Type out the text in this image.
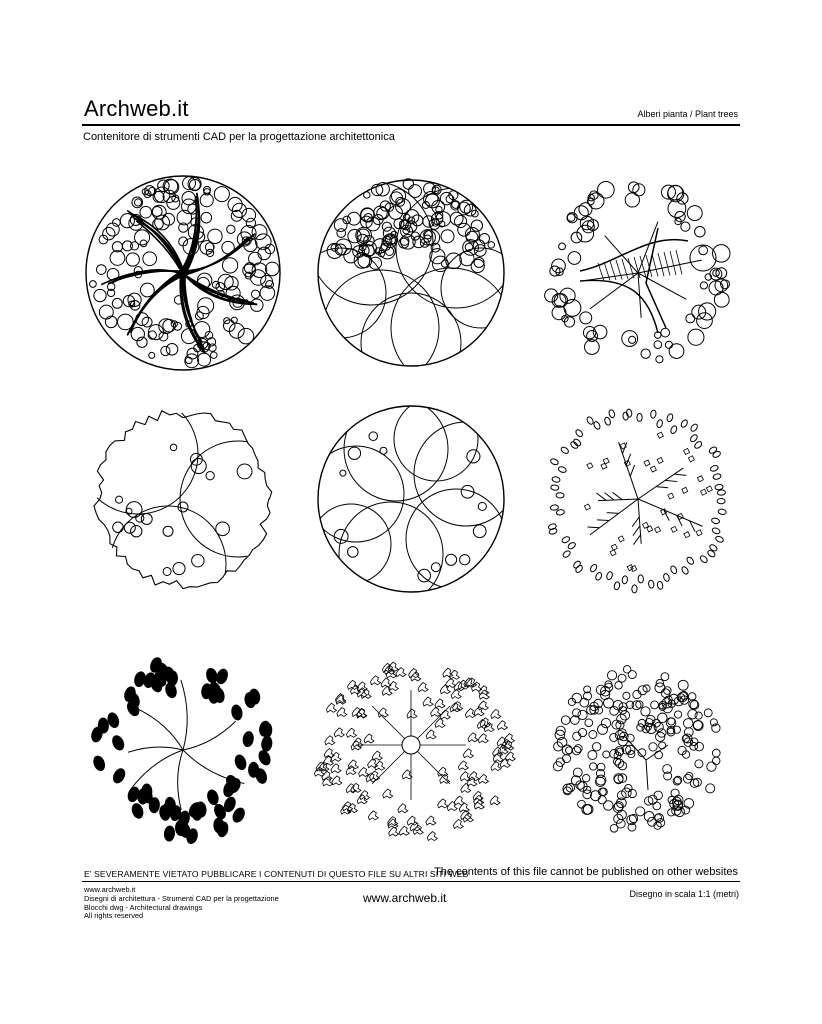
Archweb.it	Alberi pianta / Plant trees
Contenitore di strumenti CAD per la progettazione architettonica
E' SEVERAMENTE VIETATO PUBBLICARE I CONTENUTI DI QUESTO FILE SU ALTRI SITI WEB
The contents of this file cannot be published on other websites
www.archweb.it
Disegni di architettura - Strumenti CAD per la progettazione
Blocchi dwg - Architectural drawings
All rights reserved
www.archweb.it	Disegno in scala 1:1 (metri)
